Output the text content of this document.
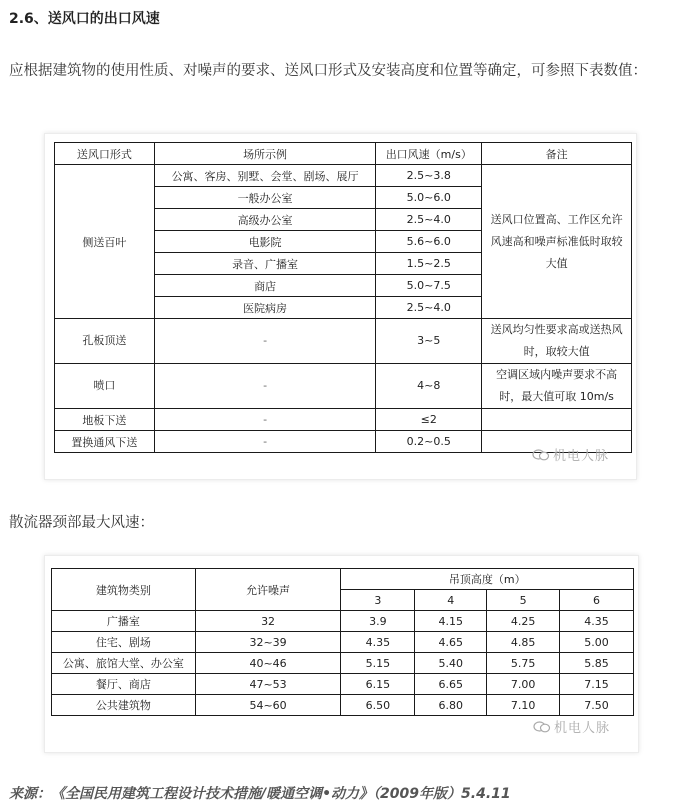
2.6、送风口的出口风速
应根据建筑物的使用性质、对噪声的要求、送风口形式及安装高度和位置等确定，可参照下表数值：
送风口形式	场所示例	出口风速（m/s）	备注
侧送百叶	公寓、客房、别墅、会堂、剧场、展厅	2.5~3.8	送风口位置高、工作区允许风速高和噪声标准低时取较大值
	一般办公室	5.0~6.0	
	高级办公室	2.5~4.0	
	电影院	5.6~6.0	
	录音、广播室	1.5~2.5	
	商店	5.0~7.5	
	医院病房	2.5~4.0	
孔板顶送	-	3~5	送风均匀性要求高或送热风时，取较大值
喷口	-	4~8	空调区域内噪声要求不高时，最大值可取 10m/s
地板下送	-	≤2	
置换通风下送	-	0.2~0.5	
机电人脉
散流器颈部最大风速：
建筑物类别	允许噪声	吊顶高度（m）			
		3	4	5	6
广播室	32	3.9	4.15	4.25	4.35
住宅、剧场	32~39	4.35	4.65	4.85	5.00
公寓、旅馆大堂、办公室	40~46	5.15	5.40	5.75	5.85
餐厅、商店	47~53	6.15	6.65	7.00	7.15
公共建筑物	54~60	6.50	6.80	7.10	7.50
机电人脉
来源：《全国民用建筑工程设计技术措施/暖通空调•动力》（2009年版）5.4.11
